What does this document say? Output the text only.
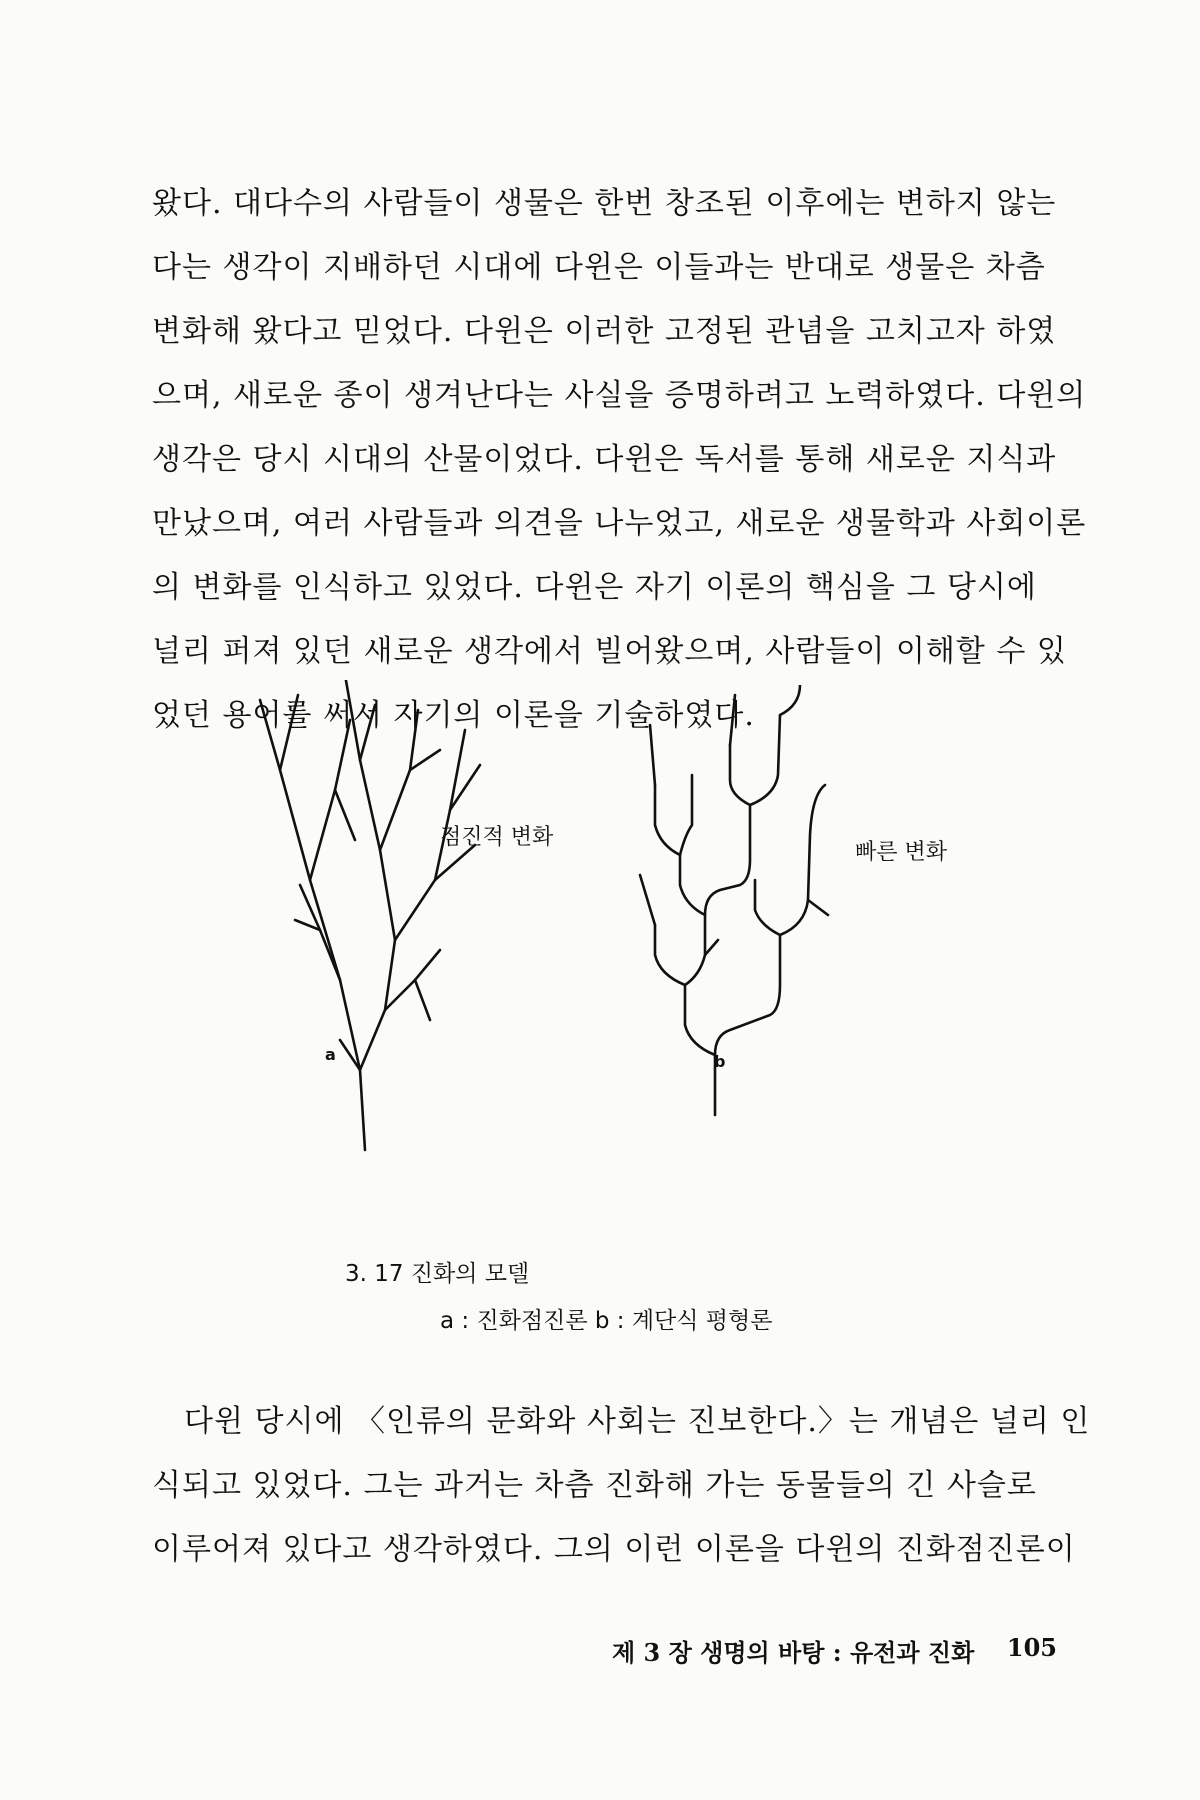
왔다. 대다수의 사람들이 생물은 한번 창조된 이후에는 변하지 않는

다는 생각이 지배하던 시대에 다윈은 이들과는 반대로 생물은 차츰

변화해 왔다고 믿었다. 다윈은 이러한 고정된 관념을 고치고자 하였

으며, 새로운 종이 생겨난다는 사실을 증명하려고 노력하였다. 다윈의

생각은 당시 시대의 산물이었다. 다윈은 독서를 통해 새로운 지식과

만났으며, 여러 사람들과 의견을 나누었고, 새로운 생물학과 사회이론

의 변화를 인식하고 있었다. 다윈은 자기 이론의 핵심을 그 당시에

널리 퍼져 있던 새로운 생각에서 빌어왔으며, 사람들이 이해할 수 있

었던 용어를 써서 자기의 이론을 기술하였다.

점진적 변화
빠른 변화
a	b
3. 17 진화의 모델
a : 진화점진론 b : 계단식 평형론

다윈 당시에 〈인류의 문화와 사회는 진보한다.〉는 개념은 널리 인

식되고 있었다. 그는 과거는 차츰 진화해 가는 동물들의 긴 사슬로

이루어져 있다고 생각하였다. 그의 이런 이론을 다윈의 진화점진론이

제 3 장 생명의 바탕 : 유전과 진화 105
